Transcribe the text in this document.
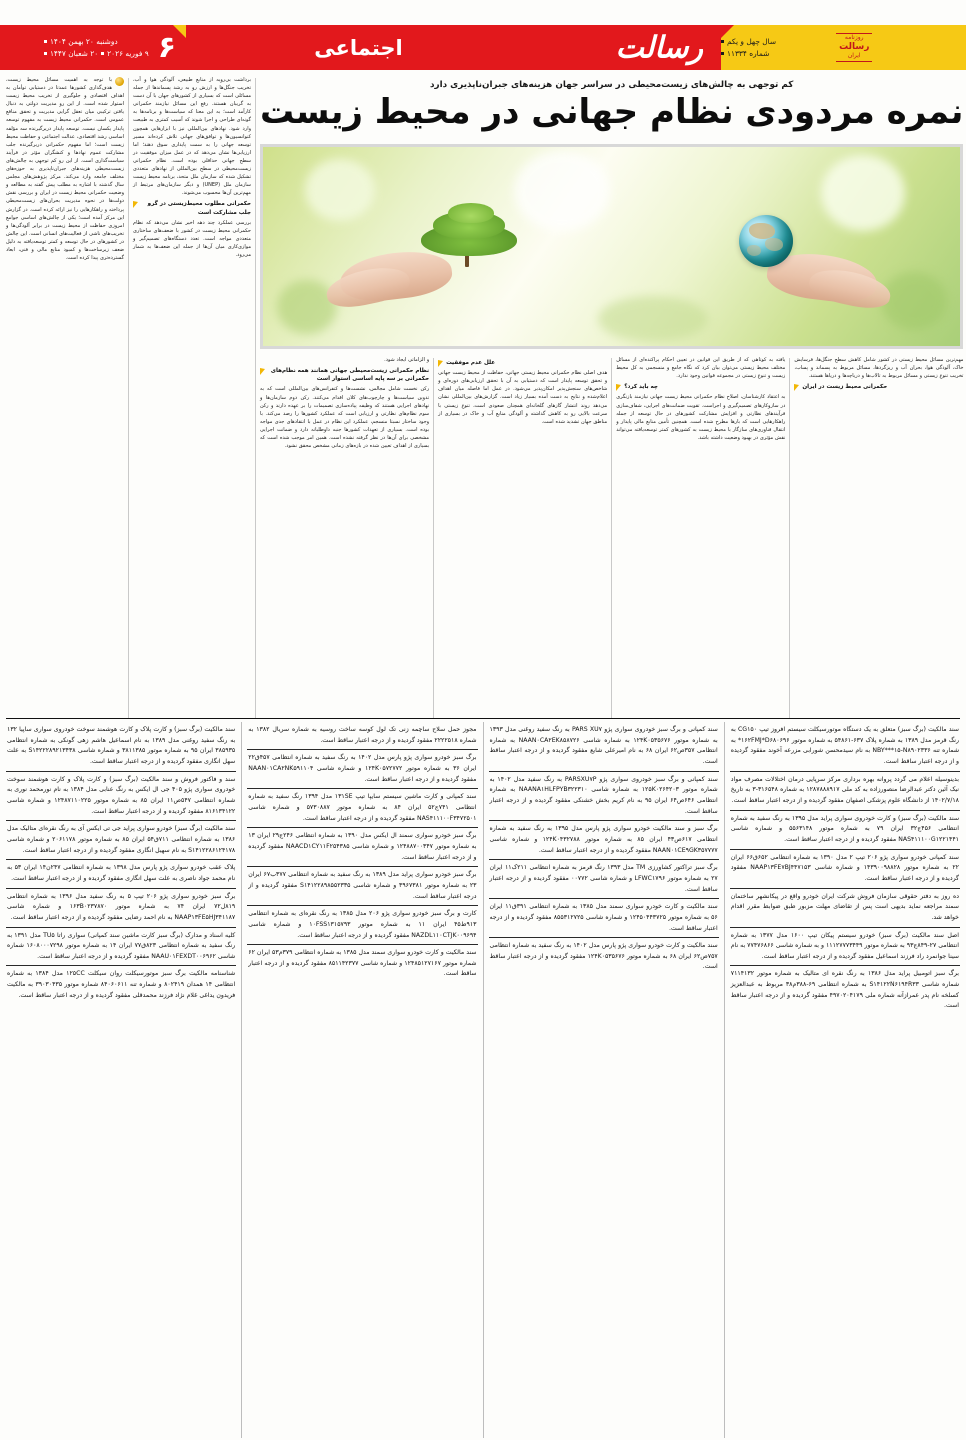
۶
دوشنبه ۲۰ بهمن ۱۴۰۴
۲۰ شعبان ۱۴۴۷ ۹ فوریه ۲۰۲۶	رسالت
اجتماعی	سال چهل و یکم
شماره ۱۱۳۳۴
روزنامه
رسالت
ایران
با توجه به اهمیت مسائل محیط زیست، هدف‌گذاری کشورها عمدتا در دستیابی توأمان به اهداف اقتصادی و جلوگیری از تخریب محیط زیست استوار شده است. از این رو مدیریت دولتی به دنبال یافتن ترکیبی میان تعقل گرایی مدیریت و تحقق منافع عمومی است. حکمرانی محیط زیست به مفهوم توسعه پایدار یکسان نیست. توسعه پایدار دربرگیرنده سه مؤلفه اساسی رشد اقتصادی، عدالت اجتماعی و حفاظت محیط زیست است؛ اما مفهوم حکمرانی دربرگیرنده جلب مشارکت عموم نهادها و کنشگران مؤثر در فرآیند سیاست‌گذاری است. از این رو کم توجهی به چالش‌های زیست‌محیطی هزینه‌های جبران‌ناپذیری به حوزه‌های مختلف جامعه وارد می‌کند. مرکز پژوهش‌های مجلس سال گذشته با اشاره به مطلب پیش گفته به مطالعه و وضعیت حکمرانی محیط زیست در ایران و بررسی نقش دولت‌ها در نحوه مدیریت بحران‌های زیست‌محیطی پرداخته و راهکارهایی را نیز ارائه کرده است. در گزارش این مرکز آمده است؛ یکی از چالش‌های اساسی جوامع امروزی حفاظت از محیط زیست در برابر آلودگی‌ها و تخریب‌های ناشی از فعالیت‌های انسانی است. این چالش در کشورهای در حال توسعه و کمتر توسعه‌یافته به دلیل ضعف زیرساخت‌ها و کمبود منابع مالی و فنی، ابعاد گسترده‌تری پیدا کرده است.
برداشت بی‌رویه از منابع طبیعی، آلودگی هوا و آب، تخریب جنگل‌ها و ارزش رو به رشد پسماندها از جمله مسائلی است که بسیاری از کشورهای جهان با آن دست به گریبان هستند. رفع این مسائل نیازمند حکمرانی کارآمد است؛ به این معنا که سیاست‌ها و برنامه‌ها به گونه‌ای طراحی و اجرا شوند که آسیب کمتری به طبیعت وارد شود. نهادهای بین‌المللی نیز با ابزارهایی همچون کنوانسیون‌ها و توافق‌های جهانی تلاش کرده‌اند مسیر توسعه جهانی را به سمت پایداری سوق دهند؛ اما ارزیابی‌ها نشان می‌دهد که در عمل میزان موفقیت در سطح جهانی حداقلی بوده است. نظام حکمرانی زیست‌محیطی در سطح بین‌المللی از نهادهای متعددی تشکیل شده که سازمان ملل متحد، برنامه محیط زیست سازمان ملل (UNEP) و دیگر سازمان‌های مرتبط از مهم‌ترین آن‌ها محسوب می‌شوند.
حکمرانی مطلوب محیط‌زیستی در گرو جلب مشارکت است
بررسی عملکرد چند دهه اخیر نشان می‌دهد که نظام حکمرانی محیط زیست در کشور با ضعف‌های ساختاری متعددی مواجه است. تعدد دستگاه‌های تصمیم‌گیر و موازی‌کاری میان آن‌ها از جمله این ضعف‌ها به شمار می‌رود.
کم توجهی به چالش‌های زیست‌محیطی در سراسر جهان هزینه‌های جبران‌ناپذیری دارد
نمره مردودی نظام جهانی در محیط زیست
و الزاماتی ایجاد شود.
نظام حکمرانی زیست‌محیطی جهانی همانند همه نظام‌های حکمرانی بر سه پایه اساسی استوار است
رکن نخست شامل مجالس، نشست‌ها و کنفرانس‌های بین‌المللی است که به تدوین سیاست‌ها و چارچوب‌های کلان اقدام می‌کنند. رکن دوم سازمان‌ها و نهادهای اجرایی هستند که وظیفه پیاده‌سازی تصمیمات را بر عهده دارند و رکن سوم نظام‌های نظارتی و ارزیابی است که عملکرد کشورها را رصد می‌کند. با وجود ساختار نسبتا منسجم، عملکرد این نظام در عمل با انتقادهای جدی مواجه بوده است. بسیاری از تعهدات کشورها جنبه داوطلبانه دارد و ضمانت اجرایی مشخصی برای آن‌ها در نظر گرفته نشده است. همین امر موجب شده است که بسیاری از اهداف تعیین شده در بازه‌های زمانی مشخص محقق نشود.
علل عدم موفقیت
هدف اصلی نظام حکمرانی محیط زیستی جهانی، حفاظت از محیط زیست جهانی و تحقق توسعه پایدار است که دستیابی به آن با تحقق ارزیابی‌های دوره‌ای و شاخص‌های سنجش‌پذیر امکان‌پذیر می‌شود. در عمل اما فاصله میان اهداف اعلام‌شده و نتایج به دست آمده بسیار زیاد است. گزارش‌های بین‌المللی نشان می‌دهد روند انتشار گازهای گلخانه‌ای همچنان صعودی است، تنوع زیستی با سرعت بالایی رو به کاهش گذاشته و آلودگی منابع آب و خاک در بسیاری از مناطق جهان تشدید شده است.
یافته به کوتاهی که از طریق این قوانین در تعیین احکام پراکنده‌ای از مسائل مختلف محیط زیستی می‌توان بیان کرد که نگاه جامع و منسجمی به کل محیط زیست و تنوع زیستی در مجموعه قوانین وجود ندارد.
چه باید کرد؟
به اعتقاد کارشناسان، اصلاح نظام حکمرانی محیط زیست جهانی نیازمند بازنگری در سازوکارهای تصمیم‌گیری و اجراست. تقویت ضمانت‌های اجرایی، شفاف‌سازی فرآیندهای نظارتی و افزایش مشارکت کشورهای در حال توسعه از جمله راهکارهایی است که بارها مطرح شده است. همچنین تأمین منابع مالی پایدار و انتقال فناوری‌های سازگار با محیط زیست به کشورهای کمتر توسعه‌یافته می‌تواند نقش مؤثری در بهبود وضعیت داشته باشد.
مهم‌ترین مسائل محیط زیستی در کشور شامل کاهش سطح جنگل‌ها، فرسایش خاک، آلودگی هوا، بحران آب و ریزگردها، مسائل مربوط به پسماند و پساب، تخریب تنوع زیستی و مسائل مربوط به تالاب‌ها و دریاچه‌ها و دریاها هستند.
حکمرانی محیط زیست در ایران
سند مالکیت (برگ سبز) و کارت پلاک و کارت هوشمند سوخت خودروی سواری ساپیا ۱۳۲ به رنگ سفید روغنی مدل ۱۳۸۹ به نام اسماعیل هاشم زهی گونکی به شماره انتظامی ۳۸۵۹۳۵ ایران ۹۵ به شماره موتور ۳۸۱۱۳۸۵ و شماره شاسی S۱۴۲۲۲۸۹۲۱۳۴۳۸ به علت سهل انگاری مفقود گردیده و از درجه اعتبار ساقط است.
سند و فاکتور فروش و سند مالکیت (برگ سبز) و کارت پلاک و کارت هوشمند سوخت خودروی سواری پژو ۴۰۵ جی ال ایکس به رنگ عنابی مدل ۱۳۸۴ به نام نورمحمد نوری به شماره انتظامی ۵۴۷ص۱۱ ایران ۸۵ به شماره موتور ۱۲۴۸۷۱۱۰۲۲۵ و شماره شاسی ۸۱۶۱۳۴۱۲۲ مفقود گردیده و از درجه اعتبار ساقط است.
سند مالکیت (برگ سبز) خودرو سواری پراید جی تی ایکس آی به رنگ نقره‌ای متالیک مدل ۱۳۸۶ به شماره انتظامی ۷۱۱ق۵۴ ایران ۸۵ به شماره موتور ۲۰۶۱۱۷۸ و شماره شاسی S۱۴۱۲۲۸۶۱۲۴۱۷۸ به نام سهیل انگاری مفقود گردیده و از درجه اعتبار ساقط است.
پلاک عقب خودرو سواری پژو پارس مدل ۱۳۹۸ به شماره انتظامی ۲۴۷ن۱۴ ایران ۵۳ به نام محمد جواد ناصری به علت سهل انگاری مفقود گردیده و از درجه اعتبار ساقط است.
برگ سبز خودرو سواری پژو ۲۰۶ تیپ ۵ به رنگ سفید مدل ۱۳۹۶ به شماره انتظامی ۸۱۹ل۷۲ ایران ۷۴ به شماره موتور ۱۶۳B۰۲۳۷۸۷۰ و شماره شاسی NAAP۱۳FE۵HJ۳۴۱۱۸۷ به نام احمد رضایی مفقود گردیده و از درجه اعتبار ساقط است.
کلیه اسناد و مدارک (برگ سبز کارت ماشین سند کمپانی) سواری راتا TU۵ مدل ۱۳۹۱ به رنگ سفید به شماره انتظامی ۸۲۳ق۷۷ ایران ۱۴ به شماره موتور ۱۶۰۸۰۰۰۷۲۹۸ شماره شاسی NAAU۰۱FEXDT۰۰۶۹۶۲ مفقود گردیده و از درجه اعتبار ساقط است.
شناسنامه مالکیت برگ سبز موتورسیکلت روان سیکلت ۱۲۵CC مدل ۱۳۸۴ به شماره انتظامی ۱۴ همدان ۸۰۲۴۱۹ و شماره تنه ۸۴۰۶۰۶۱۱ شماره موتور ۳۹۰۳۰۴۳۵ به مالکیت فریدون یداغی غلام نژاد فرزند محمدقلی مفقود گردیده و از درجه اعتبار ساقط است.
مجوز حمل سلاح ساچمه زنی تک لول کوسه ساخت روسیه به شماره سریال ۱۳۸۲ به شماره ۲۲۲۲۵۱۸ مفقود گردیده و از درجه اعتبار ساقط است.
برگ سبز خودرو سواری پژو پارس مدل ۱۴۰۲ به رنگ سفید به شماره انتظامی ۴۵۷ق۲۲ ایران ۳۶ به شماره موتور ۱۲۴K۰۵۷۲۷۷۲ و شماره شاسی NAAN۰۱CA۲NK۵۹۱۱۰۴ مفقود گردیده و از درجه اعتبار ساقط است.
سند کمپانی و کارت ماشین سیستم سایپا تیپ ۱۳۱SE مدل ۱۳۹۴ رنگ سفید به شماره انتظامی ۷۴۱ج۵۲ ایران ۸۴ به شماره موتور ۵۷۳۰۸۸۷ و شماره شاسی NAS۴۱۱۱۰۰F۳۴۷۲۵۰۱ مفقود گردیده و از درجه اعتبار ساقط است.
برگ سبز خودرو سواری سمند ال ایکس مدل ۱۳۹۰ به شماره انتظامی ۲۴۶ج۲۹ ایران ۱۳ به شماره موتور ۱۲۴۸۸۷۰۰۳۴۷ و شماره شاسی NAACD۱CY۱۱F۲۵۴۳۸۵ مفقود گردیده و از درجه اعتبار ساقط است.
برگ سبز خودرو سواری پراید مدل ۱۳۸۹ به رنگ سفید به شماره انتظامی ۳۷۷ب۶۷ ایران ۲۳ به شماره موتور ۳۹۶۷۳۸۱ و شماره شاسی S۱۴۱۲۲۸۹۸۵۵۲۳۳۵ مفقود گردیده و از درجه اعتبار ساقط است.
کارت و برگ سبز خودرو سواری پژو ۲۰۶ مدل ۱۳۸۵ به رنگ نقره‌ای به شماره انتظامی ۹۱۳ط۴۵ ایران ۱۱ به شماره موتور ۱۰FSS۱۳۱۵۷۹۳ و شماره شاسی NAZDL۱۱۰CTJK۰۰۹۶۹۴ مفقود گردیده و از درجه اعتبار ساقط است.
سند مالکیت و کارت خودرو سواری سمند مدل ۱۳۸۵ به شماره انتظامی ۳۷۹م۵۳ ایران ۶۲ شماره موتور ۱۲۴۸۵۱۲۷۱۶۷ و شماره شاسی ۸۵۱۱۴۲۳۷۷ مفقود گردیده و از درجه اعتبار ساقط است.
سند کمپانی و برگ سبز خودروی سواری پژو PARS XU۷ به رنگ سفید روغنی مدل ۱۳۹۳ به شماره موتور ۱۲۴K۰۵۳۵۶۷۶ به شماره شاسی NAAN۰CA۲EK۸۵۸۷۲۶ به شماره انتظامی ۳۵۷ص۶۲ ایران ۶۸ به نام امیرعلی شایع مفقود گردیده و از درجه اعتبار ساقط است.
سند کمپانی و برگ سبز خودروی سواری پژو PARSXU۷P به رنگ سفید مدل ۱۴۰۲ به شماره موتور ۱۲۵K۰۲۶۴۲۰۳ به شماره شاسی NAANA۱HLFPYB۳۲۲۳۱۰ به شماره انتظامی ۶۴۶ص۶۴ ایران ۹۵ به نام کریم بخش خشنکی مفقود گردیده و از درجه اعتبار ساقط است.
برگ سبز و سند مالکیت خودرو سواری پژو پارس مدل ۱۳۹۵ به رنگ سفید به شماره انتظامی ۶۱۷ص۴۳ ایران ۸۵ به شماره موتور ۱۲۴K۰۴۳۲۷۸۸ و شماره شاسی NAAN۰۱CE۹GK۳۵۷۷۷۷ مفقود گردیده و از درجه اعتبار ساقط است.
برگ سبز تراکتور کشاورزی TM مدل ۱۳۹۳ رنگ قرمز به شماره انتظامی ۲۱۱ک۱۱ ایران ۲۷ به شماره موتور LFWC۱۷۹۶ و شماره شاسی ۰۰۷۷۲ مفقود گردیده و از درجه اعتبار ساقط است.
سند مالکیت و کارت خودرو سواری سمند مدل ۱۳۸۵ به شماره انتظامی ۳۹۱ق۱۱ ایران ۵۶ به شماره موتور ۱۲۴۵۰۴۴۳۷۲۵ و شماره شاسی ۸۵۵۳۱۲۷۲۵ مفقود گردیده و از درجه اعتبار ساقط است.
سند مالکیت و کارت خودرو سواری پژو پارس مدل ۱۴۰۲ به رنگ سفید به شماره انتظامی ۷۵۷ص۶۲ ایران ۶۸ به شماره موتور ۱۲۴K۰۵۳۵۶۷۶ مفقود گردیده و از درجه اعتبار ساقط است.
سند مالکیت (برگ سبز) متعلق به یک دستگاه موتورسیکلت سیستم افروز تیپ CG۱۵۰ به رنگ قرمز مدل ۱۳۸۹ به شماره پلاک ۶۳۷-۵۴۸۶۱ به شماره موتور ۱۶۲FMJ*D۶۸۰۶۹۶* به شماره تنه NBY***۱۵-N۸۹۰۲۳۳۶ به نام سیدمحسن شورابی مزرعه آخوند مفقود گردیده و از درجه اعتبار ساقط است.
بدینوسیله اعلام می گردد پروانه بهره برداری مرکز سرپایی درمان اختلالات مصرف مواد نیک آئین دکتر عبدالرضا منصورزاده به کد ملی ۱۲۸۷۸۸۸۹۱۷ به شماره ۳۱۶۵۴۸-۳ به تاریخ ۱۴۰۲/۷/۱۸ از دانشگاه علوم پزشکی اصفهان مفقود گردیده و از درجه اعتبار ساقط است.
سند مالکیت (برگ سبز) و کارت خودروی سواری پراید مدل ۱۳۹۵ به رنگ سفید به شماره انتظامی ۴۵۶ج۳۲ ایران ۷۹ به شماره موتور ۵۵۶۳۱۴۸ و شماره شاسی NAS۴۱۱۱۰۰G۱۲۲۱۴۴۱ مفقود گردیده و از درجه اعتبار ساقط است.
سند کمپانی خودرو سواری پژو ۲۰۶ تیپ ۲ مدل ۱۳۹۰ به شماره انتظامی ۶۵۲ق۶۶ ایران ۲۲ به شماره موتور ۱۴۳۹۰۰۹۸۸۲۸ و شماره شاسی NAAP۱۳FE۷BJ۴۴۷۱۵۳ مفقود گردیده و از درجه اعتبار ساقط است.
ده روز به دفتر حقوقی سازمان فروش شرکت ایران خودرو واقع در پیکانشهر ساختمان سمند مراجعه نماید بدیهی است پس از تقاضای مهلت مزبور طبق ضوابط مقرر اقدام خواهد شد.
اصل سند مالکیت (برگ سبز) خودرو سیستم پیکان تیپ ۱۶۰۰ مدل ۱۳۷۷ به شماره انتظامی ۲۷-۸۴۹ج۹۳ به شماره موتور ۱۱۱۲۷۷۷۳۴۴۹ و به شماره شاسی ۷۷۴۷۶۸۶۶ به نام سینا جوانمرد راد فرزند اسماعیل مفقود گردیده و از درجه اعتبار ساقط است.
برگ سبز اتومبیل پراید مدل ۱۳۸۶ به رنگ نقره ای متالیک به شماره موتور ۷۱۱۴۱۳۲ شماره شاسی S۱۴۱۲۲N۶۱۹۴R۳۳ به شماره انتظامی ۶۹-۳۸۸م۳۸ مربوط به عبدالعزیز کسلخه نام پدر عمرازآنه شماره ملی ۴۹۷۰۲۰۴۱۷۹ مفقود گردیده و از درجه اعتبار ساقط است.
